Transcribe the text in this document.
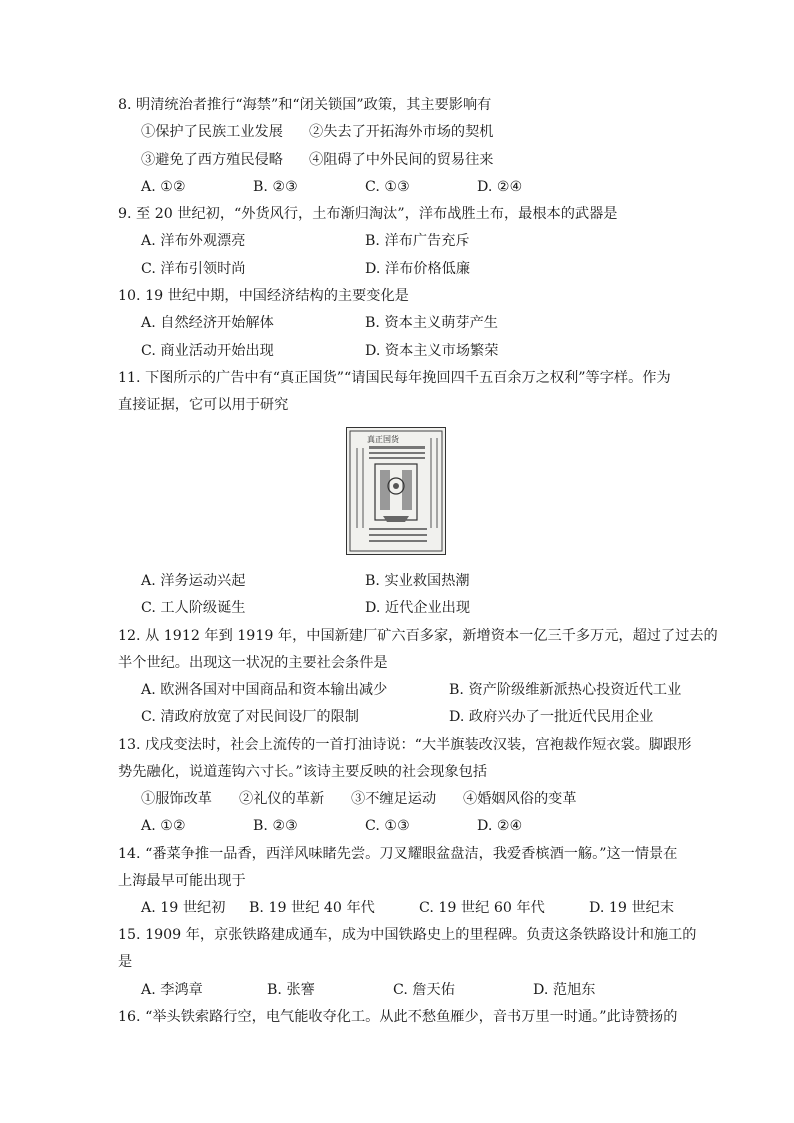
8. 明清统治者推行“海禁”和“闭关锁国”政策，其主要影响有
①保护了民族工业发展 ②失去了开拓海外市场的契机
③避免了西方殖民侵略 ④阻碍了中外民间的贸易往来
A. ①②	B. ②③	C. ①③	D. ②④
9. 至 20 世纪初，“外货风行，土布渐归淘汰”，洋布战胜土布，最根本的武器是
A. 洋布外观漂亮	B. 洋布广告充斥
C. 洋布引领时尚	D. 洋布价格低廉
10. 19 世纪中期，中国经济结构的主要变化是
A. 自然经济开始解体	B. 资本主义萌芽产生
C. 商业活动开始出现	D. 资本主义市场繁荣
11. 下图所示的广告中有“真正国货”“请国民每年挽回四千五百余万之权利”等字样。作为
直接证据，它可以用于研究
真正国货
A. 洋务运动兴起	B. 实业救国热潮
C. 工人阶级诞生	D. 近代企业出现
12. 从 1912 年到 1919 年，中国新建厂矿六百多家，新增资本一亿三千多万元，超过了过去的
半个世纪。出现这一状况的主要社会条件是
A. 欧洲各国对中国商品和资本输出减少	B. 资产阶级维新派热心投资近代工业
C. 清政府放宽了对民间设厂的限制	D. 政府兴办了一批近代民用企业
13. 戊戌变法时，社会上流传的一首打油诗说：“大半旗装改汉装，宫袍裁作短衣裳。脚跟形
势先融化，说道莲钩六寸长。”该诗主要反映的社会现象包括
①服饰改革 ②礼仪的革新 ③不缠足运动 ④婚姻风俗的变革
A. ①②	B. ②③	C. ①③	D. ②④
14. “番菜争推一品香，西洋风味睹先尝。刀叉耀眼盆盘洁，我爱香槟酒一觞。”这一情景在
上海最早可能出现于
A. 19 世纪初 B. 19 世纪 40 年代	C. 19 世纪 60 年代	D. 19 世纪末
15. 1909 年，京张铁路建成通车，成为中国铁路史上的里程碑。负责这条铁路设计和施工的
是
A. 李鸿章	B. 张謇	C. 詹天佑	D. 范旭东
16. “举头铁索路行空，电气能收夺化工。从此不愁鱼雁少，音书万里一时通。”此诗赞扬的
